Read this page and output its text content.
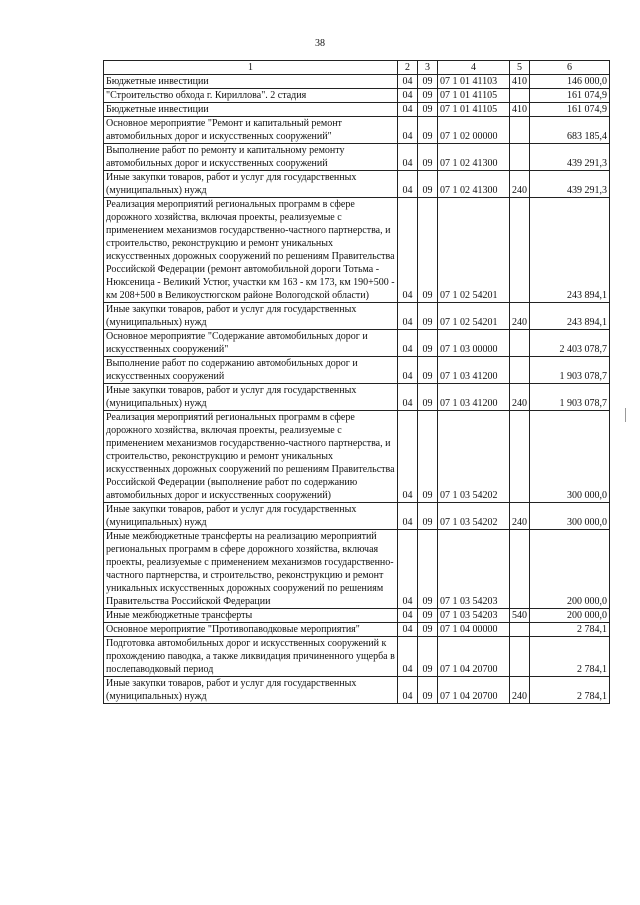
38
1	2	3	4	5	6
Бюджетные инвестиции	04	09	07 1 01 41103	410	146 000,0
"Строительство обхода г. Кириллова". 2 стадия	04	09	07 1 01 41105		161 074,9
Бюджетные инвестиции	04	09	07 1 01 41105	410	161 074,9
Основное мероприятие "Ремонт и капитальный ремонт автомобильных дорог и искусственных сооружений"	04	09	07 1 02 00000		683 185,4
Выполнение работ по ремонту и капитальному ремонту автомобильных дорог и искусственных сооружений	04	09	07 1 02 41300		439 291,3
Иные закупки товаров, работ и услуг для государственных (муниципальных) нужд	04	09	07 1 02 41300	240	439 291,3
Реализация мероприятий региональных программ в сфере дорожного хозяйства, включая проекты, реализуемые с применением механизмов государственно-частного партнерства, и строительство, реконструкцию и ремонт уникальных искусственных дорожных сооружений по решениям Правительства Российской Федерации (ремонт автомобильной дороги Тотьма - Нюксеница - Великий Устюг, участки км 163 - км 173, км 190+500 - км 208+500 в Великоустюгском районе Вологодской области)	04	09	07 1 02 54201		243 894,1
Иные закупки товаров, работ и услуг для государственных (муниципальных) нужд	04	09	07 1 02 54201	240	243 894,1
Основное мероприятие "Содержание автомобильных дорог и искусственных сооружений"	04	09	07 1 03 00000		2 403 078,7
Выполнение работ по содержанию автомобильных дорог и искусственных сооружений	04	09	07 1 03 41200		1 903 078,7
Иные закупки товаров, работ и услуг для государственных (муниципальных) нужд	04	09	07 1 03 41200	240	1 903 078,7
Реализация мероприятий региональных программ в сфере дорожного хозяйства, включая проекты, реализуемые с применением механизмов государственно-частного партнерства, и строительство, реконструкцию и ремонт уникальных искусственных дорожных сооружений по решениям Правительства Российской Федерации (выполнение работ по содержанию автомобильных дорог и искусственных сооружений)	04	09	07 1 03 54202		300 000,0
Иные закупки товаров, работ и услуг для государственных (муниципальных) нужд	04	09	07 1 03 54202	240	300 000,0
Иные межбюджетные трансферты на реализацию мероприятий региональных программ в сфере дорожного хозяйства, включая проекты, реализуемые с применением механизмов государственно-частного партнерства, и строительство, реконструкцию и ремонт уникальных искусственных дорожных сооружений по решениям Правительства Российской Федерации	04	09	07 1 03 54203		200 000,0
Иные межбюджетные трансферты	04	09	07 1 03 54203	540	200 000,0
Основное мероприятие "Противопаводковые мероприятия"	04	09	07 1 04 00000		2 784,1
Подготовка автомобильных дорог и искусственных сооружений к прохождению паводка, а также ликвидация причиненного ущерба в послепаводковый период	04	09	07 1 04 20700		2 784,1
Иные закупки товаров, работ и услуг для государственных (муниципальных) нужд	04	09	07 1 04 20700	240	2 784,1
